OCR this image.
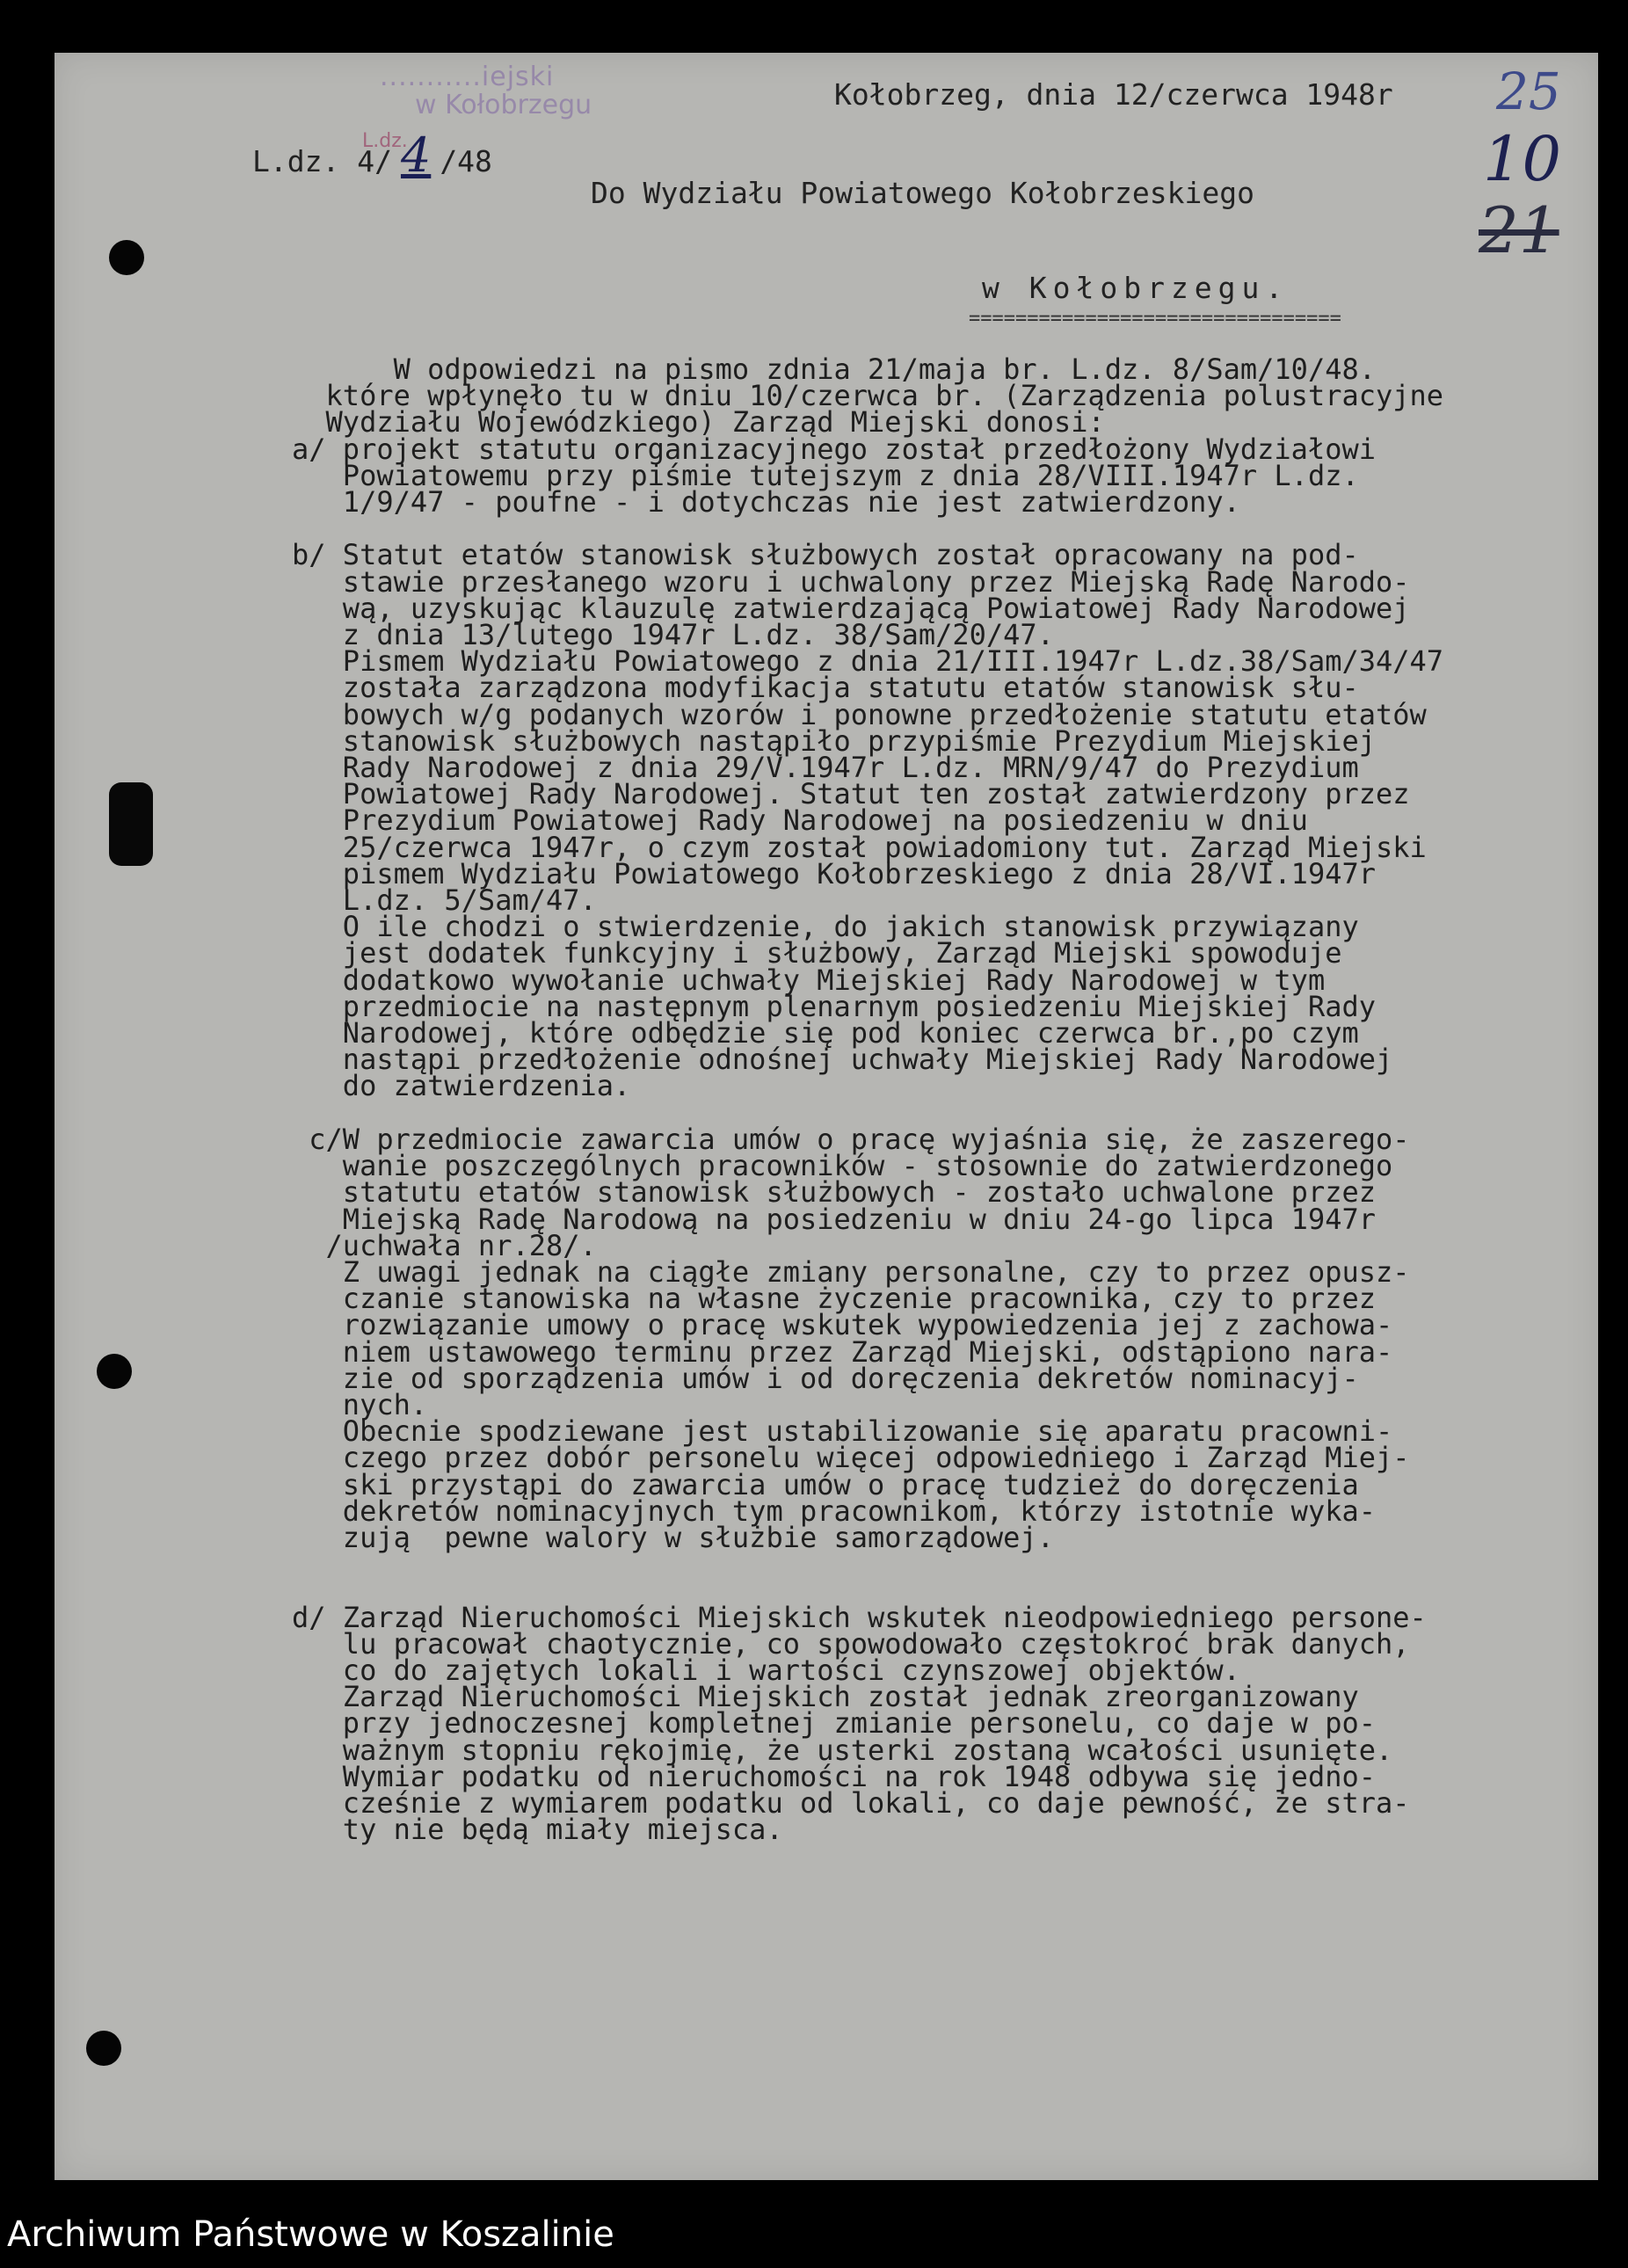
...........iejski
w Kołobrzegu
L.dz.
L.dz. 4/ 4 /48
Kołobrzeg, dnia 12/czerwca 1948r 25
10
21
Do Wydziału Powiatowego Kołobrzeskiego
w Kołobrzegu.
================================
W odpowiedzi na pismo zdnia 21/maja br. L.dz. 8/Sam/10/48.
które wpłynęło tu w dniu 10/czerwca br. (Zarządzenia polustracyjne
Wydziału Wojewódzkiego) Zarząd Miejski donosi:
a/ projekt statutu organizacyjnego został przedłożony Wydziałowi
Powiatowemu przy piśmie tutejszym z dnia 28/VIII.1947r L.dz.
1/9/47 - poufne - i dotychczas nie jest zatwierdzony.

b/ Statut etatów stanowisk służbowych został opracowany na pod-
stawie przesłanego wzoru i uchwalony przez Miejską Radę Narodo-
wą, uzyskując klauzulę zatwierdzającą Powiatowej Rady Narodowej
z dnia 13/lutego 1947r L.dz. 38/Sam/20/47.
Pismem Wydziału Powiatowego z dnia 21/III.1947r L.dz.38/Sam/34/47
została zarządzona modyfikacja statutu etatów stanowisk słu-
bowych w/g podanych wzorów i ponowne przedłożenie statutu etatów
stanowisk służbowych nastąpiło przypiśmie Prezydium Miejskiej
Rady Narodowej z dnia 29/V.1947r L.dz. MRN/9/47 do Prezydium
Powiatowej Rady Narodowej. Statut ten został zatwierdzony przez
Prezydium Powiatowej Rady Narodowej na posiedzeniu w dniu
25/czerwca 1947r, o czym został powiadomiony tut. Zarząd Miejski
pismem Wydziału Powiatowego Kołobrzeskiego z dnia 28/VI.1947r
L.dz. 5/Sam/47.
O ile chodzi o stwierdzenie, do jakich stanowisk przywiązany
jest dodatek funkcyjny i służbowy, Zarząd Miejski spowoduje
dodatkowo wywołanie uchwały Miejskiej Rady Narodowej w tym
przedmiocie na następnym plenarnym posiedzeniu Miejskiej Rady
Narodowej, które odbędzie się pod koniec czerwca br.,po czym
nastąpi przedłożenie odnośnej uchwały Miejskiej Rady Narodowej
do zatwierdzenia.

c/W przedmiocie zawarcia umów o pracę wyjaśnia się, że zaszerego-
wanie poszczególnych pracowników - stosownie do zatwierdzonego
statutu etatów stanowisk służbowych - zostało uchwalone przez
Miejską Radę Narodową na posiedzeniu w dniu 24-go lipca 1947r
/uchwała nr.28/.
Z uwagi jednak na ciągłe zmiany personalne, czy to przez opusz-
czanie stanowiska na własne życzenie pracownika, czy to przez
rozwiązanie umowy o pracę wskutek wypowiedzenia jej z zachowa-
niem ustawowego terminu przez Zarząd Miejski, odstąpiono nara-
zie od sporządzenia umów i od doręczenia dekretów nominacyj-
nych.
Obecnie spodziewane jest ustabilizowanie się aparatu pracowni-
czego przez dobór personelu więcej odpowiedniego i Zarząd Miej-
ski przystąpi do zawarcia umów o pracę tudzież do doręczenia
dekretów nominacyjnych tym pracownikom, którzy istotnie wyka-
zują  pewne walory w służbie samorządowej.

d/ Zarząd Nieruchomości Miejskich wskutek nieodpowiedniego persone-
lu pracował chaotycznie, co spowodowało częstokroć brak danych,
co do zajętych lokali i wartości czynszowej objektów.
Zarząd Nieruchomości Miejskich został jednak zreorganizowany
przy jednoczesnej kompletnej zmianie personelu, co daje w po-
ważnym stopniu rękojmię, że usterki zostaną wcałości usunięte.
Wymiar podatku od nieruchomości na rok 1948 odbywa się jedno-
cześnie z wymiarem podatku od lokali, co daje pewność, że stra-
ty nie będą miały miejsca.
Archiwum Państwowe w Koszalinie
